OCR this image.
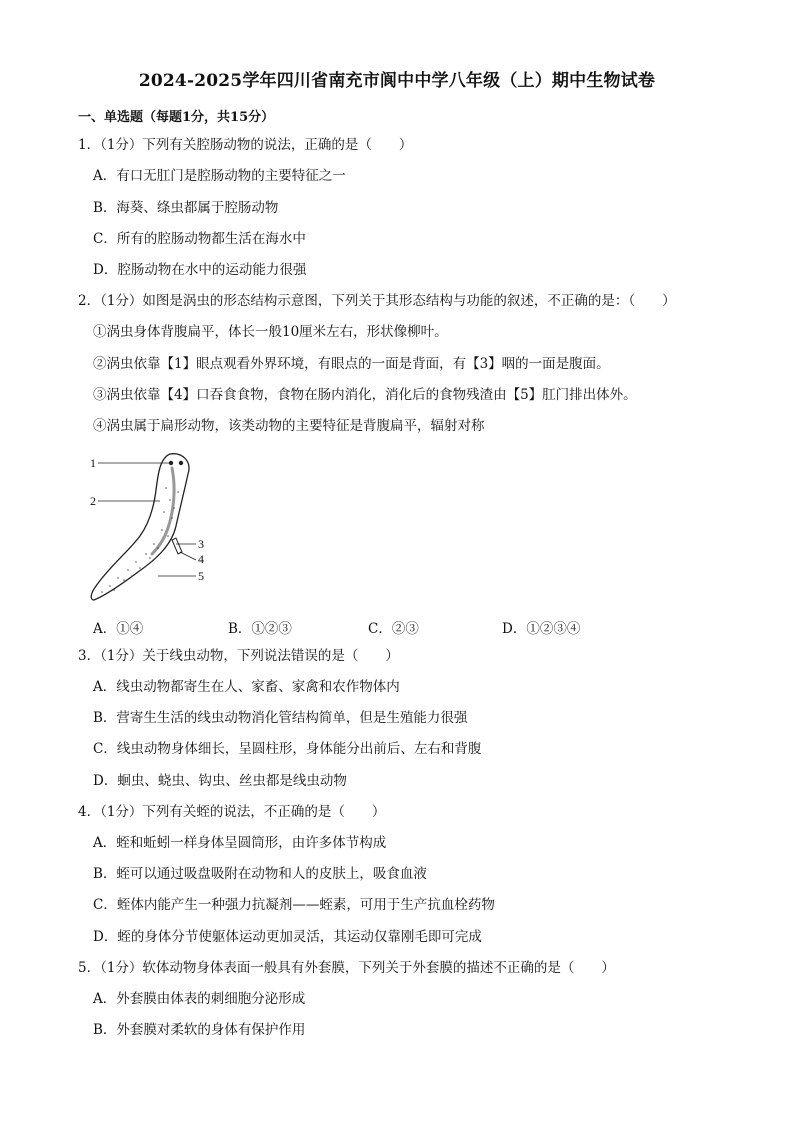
2024-2025学年四川省南充市阆中中学八年级（上）期中生物试卷
一、单选题（每题1分，共15分）
1．（1分）下列有关腔肠动物的说法，正确的是（　　）
A．有口无肛门是腔肠动物的主要特征之一
B．海葵、绦虫都属于腔肠动物
C．所有的腔肠动物都生活在海水中
D．腔肠动物在水中的运动能力很强
2．（1分）如图是涡虫的形态结构示意图，下列关于其形态结构与功能的叙述，不正确的是：（　　）
①涡虫身体背腹扁平，体长一般10厘米左右，形状像柳叶。
②涡虫依靠【1】眼点观看外界环境，有眼点的一面是背面，有【3】咽的一面是腹面。
③涡虫依靠【4】口吞食食物，食物在肠内消化，消化后的食物残渣由【5】肛门排出体外。
④涡虫属于扁形动物，该类动物的主要特征是背腹扁平，辐射对称
1
2
3
4
5
A．①④	B．①②③	C．②③	D．①②③④
3．（1分）关于线虫动物，下列说法错误的是（　　）
A．线虫动物都寄生在人、家畜、家禽和农作物体内
B．营寄生生活的线虫动物消化管结构简单，但是生殖能力很强
C．线虫动物身体细长，呈圆柱形，身体能分出前后、左右和背腹
D．蛔虫、蛲虫、钩虫、丝虫都是线虫动物
4．（1分）下列有关蛭的说法，不正确的是（　　）
A．蛭和蚯蚓一样身体呈圆筒形，由许多体节构成
B．蛭可以通过吸盘吸附在动物和人的皮肤上，吸食血液
C．蛭体内能产生一种强力抗凝剂——蛭素，可用于生产抗血栓药物
D．蛭的身体分节使躯体运动更加灵活，其运动仅靠刚毛即可完成
5．（1分）软体动物身体表面一般具有外套膜，下列关于外套膜的描述不正确的是（　　）
A．外套膜由体表的刺细胞分泌形成
B．外套膜对柔软的身体有保护作用
